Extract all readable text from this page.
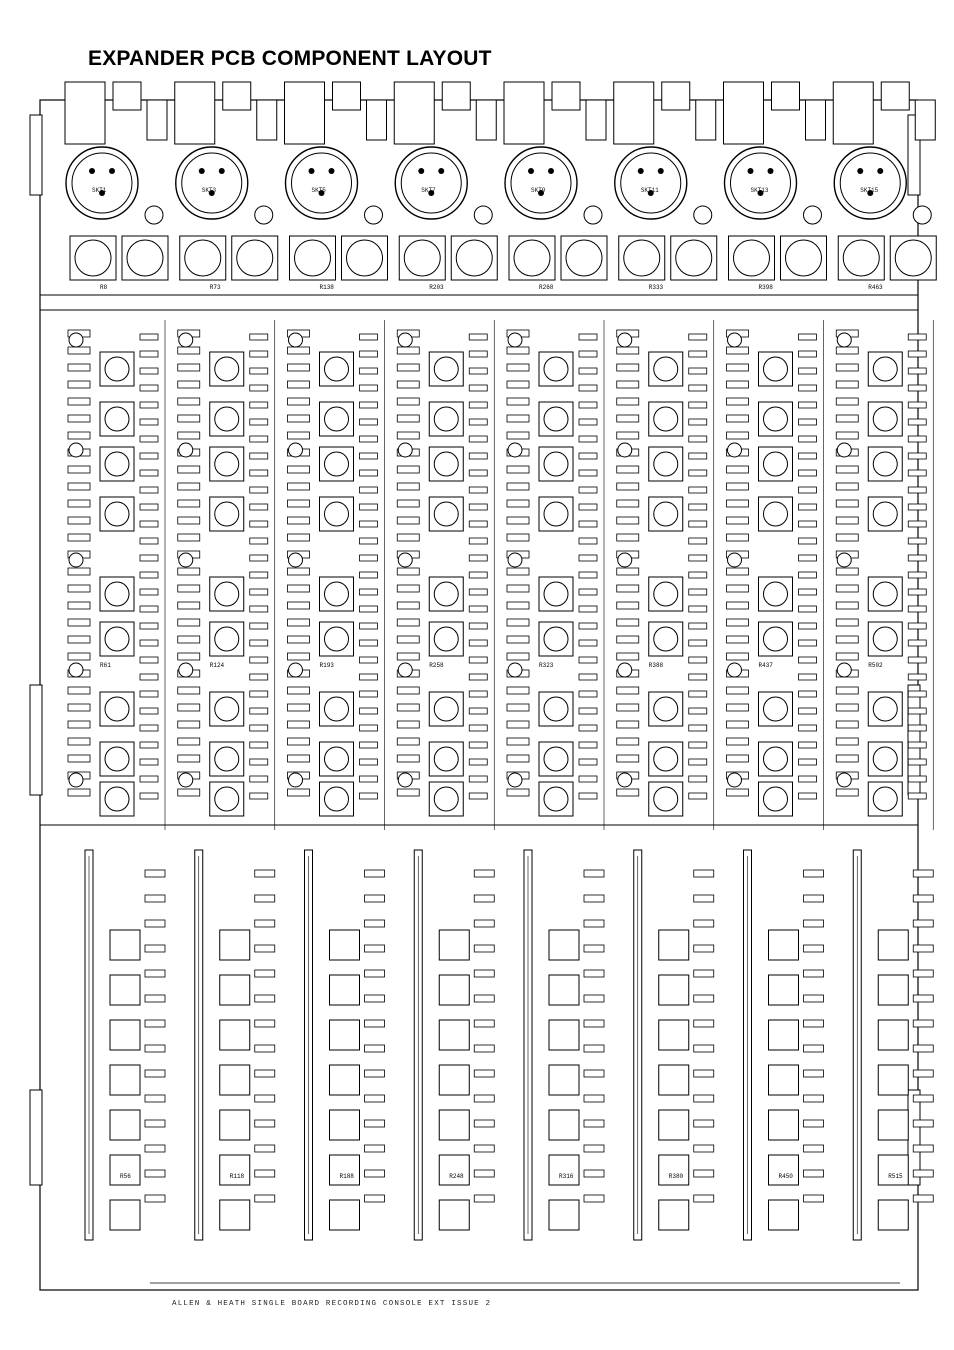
EXPANDER PCB COMPONENT LAYOUT
R8
R61
R56
R73
R124
R118
R138
R193
R188
R203
R258
R248
R268
R323
R316
R333
R388
R380
R398
R437
R450
R463
R502
R515
SKT1	SKT3	SKT5	SKT7	SKT9	SKT11	SKT13	SKT15
ALLEN & HEATH SINGLE BOARD RECORDING CONSOLE EXT ISSUE 2
